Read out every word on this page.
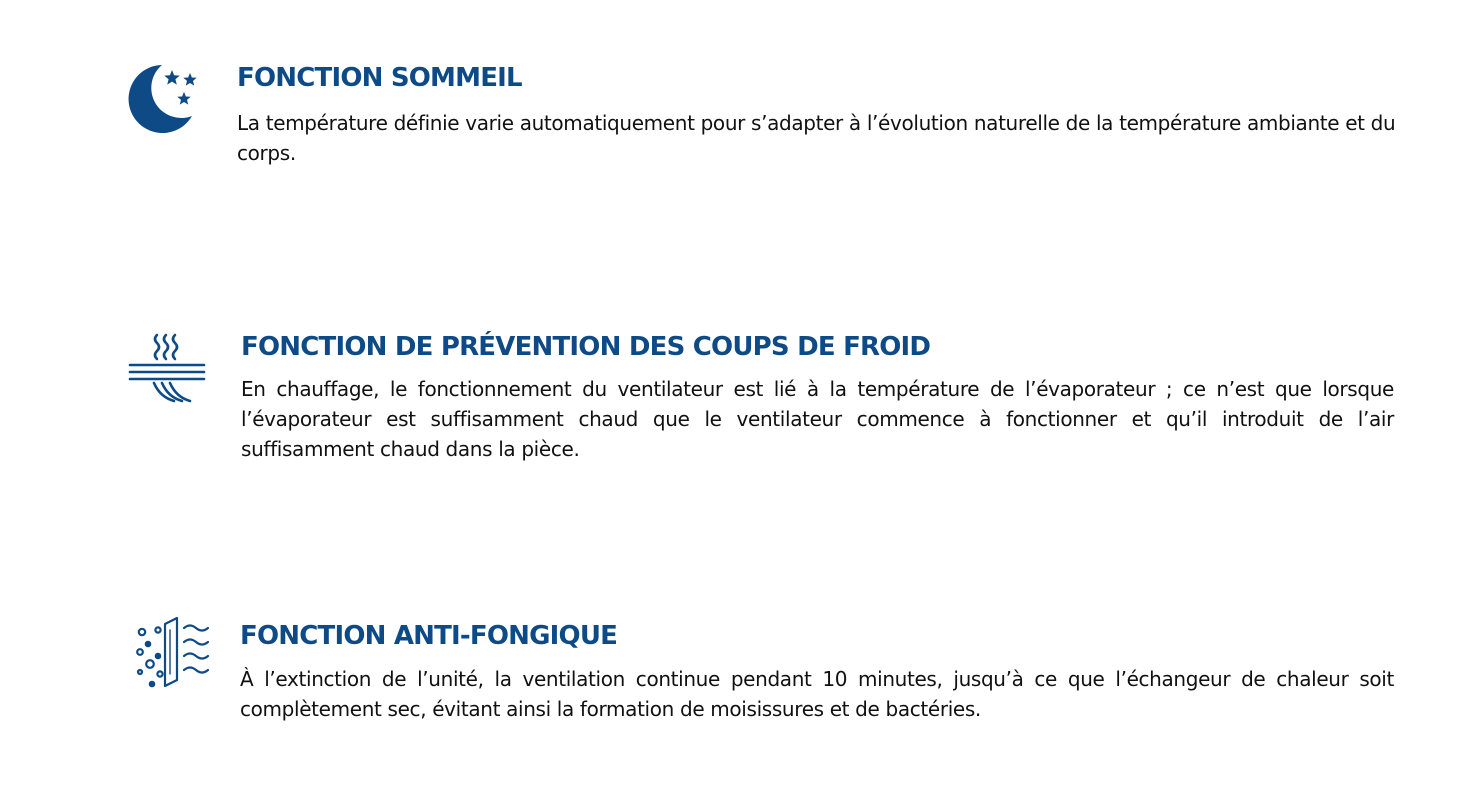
FONCTION SOMMEIL

La température définie varie automatiquement pour s’adapter à l’évolution naturelle de la température ambiante et du corps.

FONCTION DE PRÉVENTION DES COUPS DE FROID

En chauffage, le fonctionnement du ventilateur est lié à la température de l’évaporateur ; ce n’est que lorsque l’évaporateur est suffisamment chaud que le ventilateur commence à fonctionner et qu’il introduit de l’air suffisamment chaud dans la pièce.

FONCTION ANTI-FONGIQUE

À l’extinction de l’unité, la ventilation continue pendant 10 minutes, jusqu’à ce que l’échangeur de chaleur soit complètement sec, évitant ainsi la formation de moisissures et de bactéries.
